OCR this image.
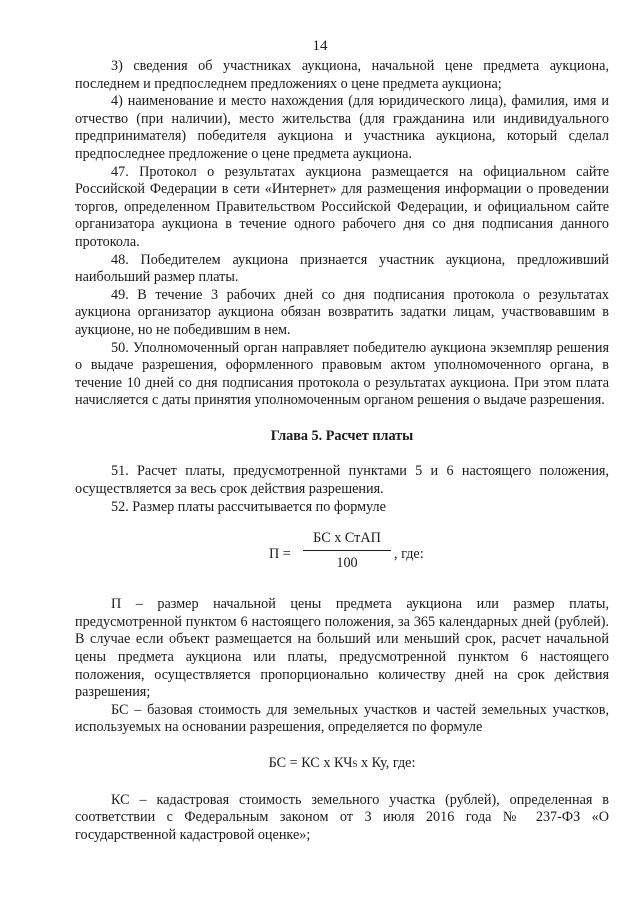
14

3) сведения об участниках аукциона, начальной цене предмета аукциона, последнем и предпоследнем предложениях о цене предмета аукциона;

4) наименование и место нахождения (для юридического лица), фамилия, имя и отчество (при наличии), место жительства (для гражданина или индивидуального предпринимателя) победителя аукциона и участника аукциона, который сделал предпоследнее предложение о цене предмета аукциона.

47. Протокол о результатах аукциона размещается на официальном сайте Российской Федерации в сети «Интернет» для размещения информации о проведении торгов, определенном Правительством Российской Федерации, и официальном сайте организатора аукциона в течение одного рабочего дня со дня подписания данного протокола.

48. Победителем аукциона признается участник аукциона, предложивший наибольший размер платы.

49. В течение 3 рабочих дней со дня подписания протокола о результатах аукциона организатор аукциона обязан возвратить задатки лицам, участвовавшим в аукционе, но не победившим в нем.

50. Уполномоченный орган направляет победителю аукциона экземпляр решения о выдаче разрешения, оформленного правовым актом уполномоченного органа, в течение 10 дней со дня подписания протокола о результатах аукциона. При этом плата начисляется с даты принятия уполномоченным органом решения о выдаче разрешения.

Глава 5. Расчет платы

51. Расчет платы, предусмотренной пунктами 5 и 6 настоящего положения, осуществляется за весь срок действия разрешения.

52. Размер платы рассчитывается по формуле

П =
БС х СтАП
100
, где:

П – размер начальной цены предмета аукциона или размер платы, предусмотренной пунктом 6 настоящего положения, за 365 календарных дней (рублей). В случае если объект размещается на больший или меньший срок, расчет начальной цены предмета аукциона или платы, предусмотренной пунктом 6 настоящего положения, осуществляется пропорционально количеству дней на срок действия разрешения;

БС – базовая стоимость для земельных участков и частей земельных участков, используемых на основании разрешения, определяется по формуле

БС = КС х КЧS х Ку, где:

КС – кадастровая стоимость земельного участка (рублей), определенная в соответствии с Федеральным законом от 3 июля 2016 года № 237-ФЗ «О государственной кадастровой оценке»;
